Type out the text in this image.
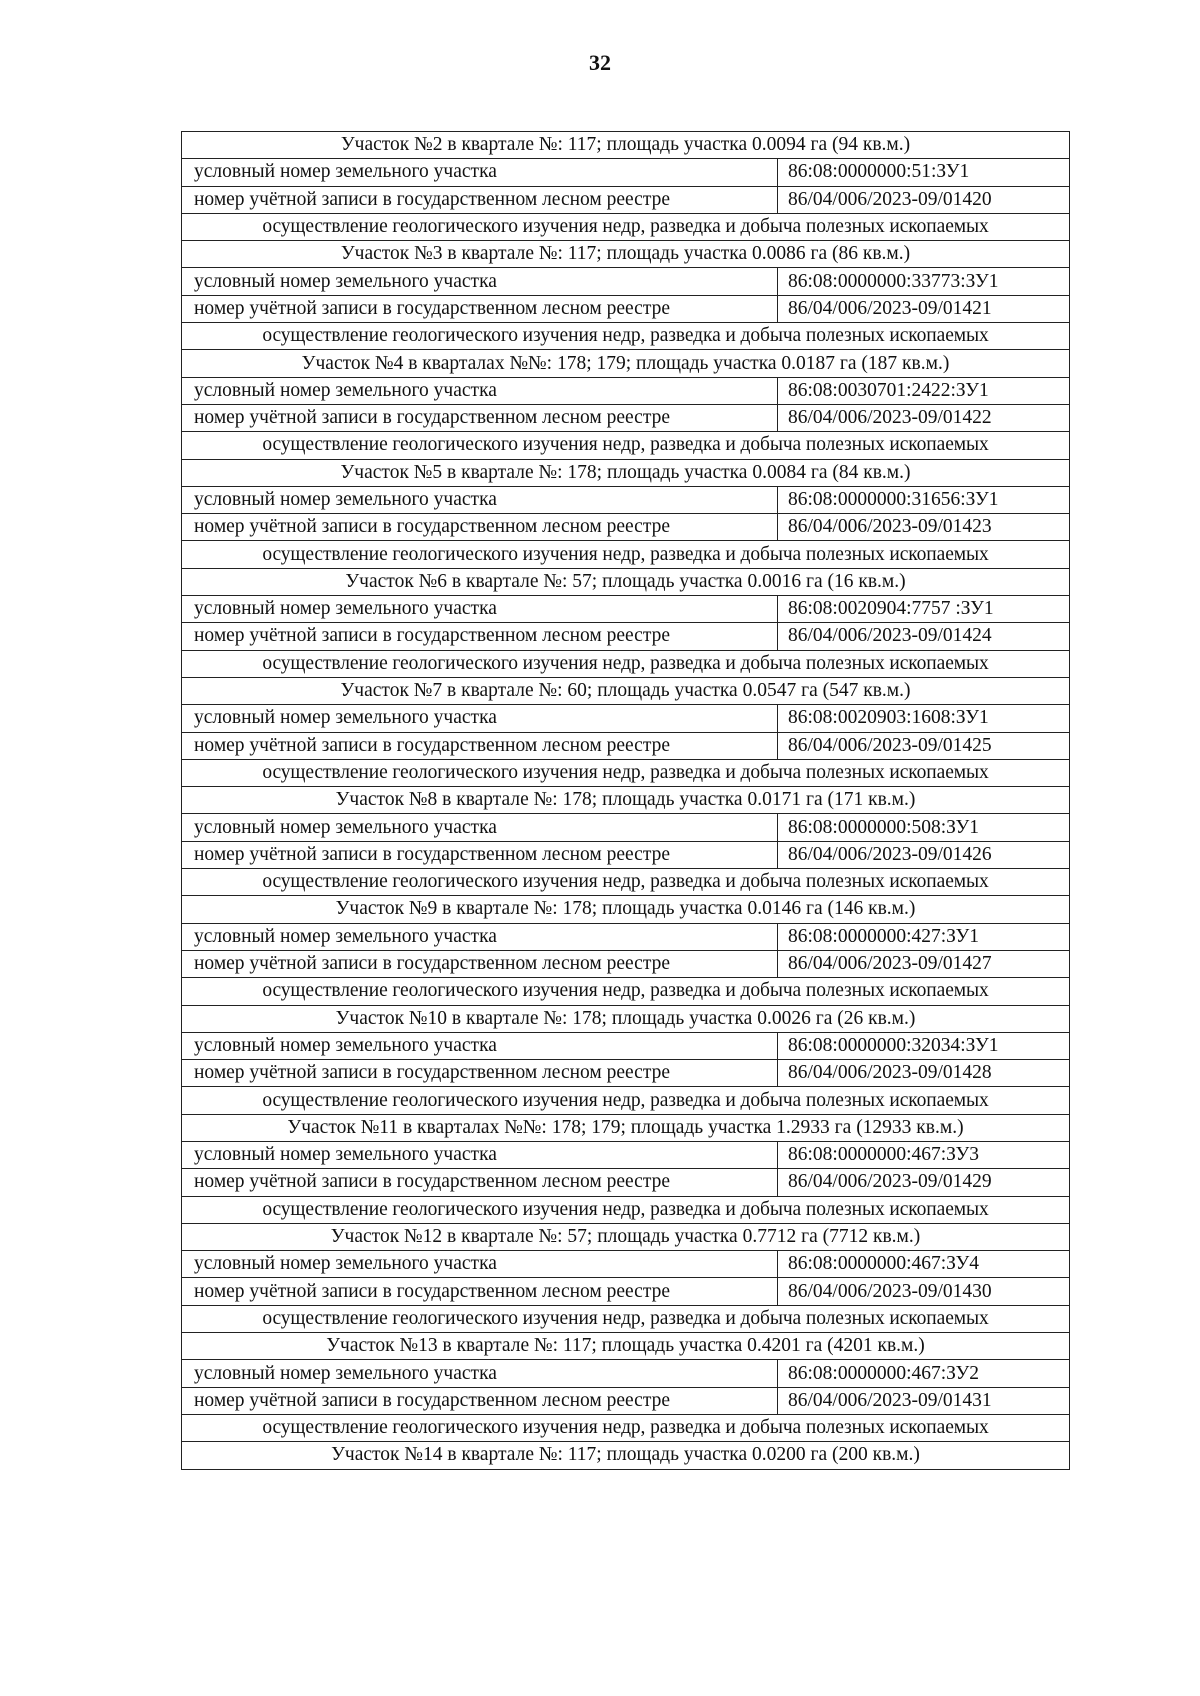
32
Участок №2 в квартале №: 117; площадь участка 0.0094 га (94 кв.м.)	
условный номер земельного участка	86:08:0000000:51:ЗУ1
номер учётной записи в государственном лесном реестре	86/04/006/2023-09/01420
осуществление геологического изучения недр, разведка и добыча полезных ископаемых	
Участок №3 в квартале №: 117; площадь участка 0.0086 га (86 кв.м.)	
условный номер земельного участка	86:08:0000000:33773:ЗУ1
номер учётной записи в государственном лесном реестре	86/04/006/2023-09/01421
осуществление геологического изучения недр, разведка и добыча полезных ископаемых	
Участок №4 в кварталах №№: 178; 179; площадь участка 0.0187 га (187 кв.м.)	
условный номер земельного участка	86:08:0030701:2422:ЗУ1
номер учётной записи в государственном лесном реестре	86/04/006/2023-09/01422
осуществление геологического изучения недр, разведка и добыча полезных ископаемых	
Участок №5 в квартале №: 178; площадь участка 0.0084 га (84 кв.м.)	
условный номер земельного участка	86:08:0000000:31656:ЗУ1
номер учётной записи в государственном лесном реестре	86/04/006/2023-09/01423
осуществление геологического изучения недр, разведка и добыча полезных ископаемых	
Участок №6 в квартале №: 57; площадь участка 0.0016 га (16 кв.м.)	
условный номер земельного участка	86:08:0020904:7757 :ЗУ1
номер учётной записи в государственном лесном реестре	86/04/006/2023-09/01424
осуществление геологического изучения недр, разведка и добыча полезных ископаемых	
Участок №7 в квартале №: 60; площадь участка 0.0547 га (547 кв.м.)	
условный номер земельного участка	86:08:0020903:1608:ЗУ1
номер учётной записи в государственном лесном реестре	86/04/006/2023-09/01425
осуществление геологического изучения недр, разведка и добыча полезных ископаемых	
Участок №8 в квартале №: 178; площадь участка 0.0171 га (171 кв.м.)	
условный номер земельного участка	86:08:0000000:508:ЗУ1
номер учётной записи в государственном лесном реестре	86/04/006/2023-09/01426
осуществление геологического изучения недр, разведка и добыча полезных ископаемых	
Участок №9 в квартале №: 178; площадь участка 0.0146 га (146 кв.м.)	
условный номер земельного участка	86:08:0000000:427:ЗУ1
номер учётной записи в государственном лесном реестре	86/04/006/2023-09/01427
осуществление геологического изучения недр, разведка и добыча полезных ископаемых	
Участок №10 в квартале №: 178; площадь участка 0.0026 га (26 кв.м.)	
условный номер земельного участка	86:08:0000000:32034:ЗУ1
номер учётной записи в государственном лесном реестре	86/04/006/2023-09/01428
осуществление геологического изучения недр, разведка и добыча полезных ископаемых	
Участок №11 в кварталах №№: 178; 179; площадь участка 1.2933 га (12933 кв.м.)	
условный номер земельного участка	86:08:0000000:467:ЗУ3
номер учётной записи в государственном лесном реестре	86/04/006/2023-09/01429
осуществление геологического изучения недр, разведка и добыча полезных ископаемых	
Участок №12 в квартале №: 57; площадь участка 0.7712 га (7712 кв.м.)	
условный номер земельного участка	86:08:0000000:467:ЗУ4
номер учётной записи в государственном лесном реестре	86/04/006/2023-09/01430
осуществление геологического изучения недр, разведка и добыча полезных ископаемых	
Участок №13 в квартале №: 117; площадь участка 0.4201 га (4201 кв.м.)	
условный номер земельного участка	86:08:0000000:467:ЗУ2
номер учётной записи в государственном лесном реестре	86/04/006/2023-09/01431
осуществление геологического изучения недр, разведка и добыча полезных ископаемых	
Участок №14 в квартале №: 117; площадь участка 0.0200 га (200 кв.м.)	
